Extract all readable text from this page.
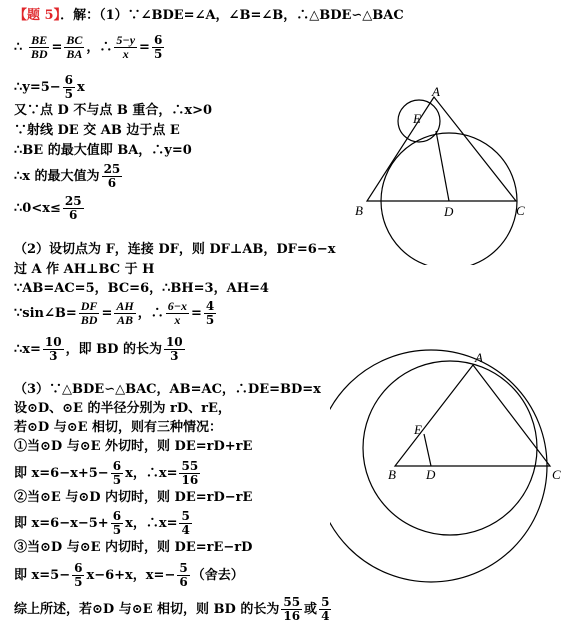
【题 5】．解：（1）∵∠BDE=∠A，∠B=∠B，∴△BDE∽△BAC
∴ $\frac{BE}{BD} = \frac{BC}{BA}$ ，∴ $\frac{5-y}{x} = \frac{6}{5}$
∴y=5− $\frac{6}{5}$ x
又∵点 D 不与点 B 重合，∴x>0
∵射线 DE 交 AB 边于点 E
∴BE 的最大值即 BA，∴y=0
∴x 的最大值为 $\frac{25}{6}$
∴0<x≤ $\frac{25}{6}$
（2）设切点为 F，连接 DF，则 DF⊥AB，DF=6−x
过 A 作 AH⊥BC 于 H
∵AB=AC=5，BC=6，∴BH=3，AH=4
∵sin∠B= $\frac{DF}{BD} = \frac{AH}{AB}$ ，∴ $\frac{6-x}{x} = \frac{4}{5}$
∴x= $\frac{10}{3}$ ，即 BD 的长为 $\frac{10}{3}$
（3）∵△BDE∽△BAC，AB=AC，∴DE=BD=x
设⊙D、⊙E 的半径分别为 rD、rE，
若⊙D 与⊙E 相切，则有三种情况：
①当⊙D 与⊙E 外切时，则 DE=rD+rE
即 $x=6-x+5- \frac{6}{5}$ x，∴x= $\frac{55}{16}$
②当⊙E 与⊙D 内切时，则 DE=rD−rE
即 $x=6-x-5+ \frac{6}{5}$ x，∴x= $\frac{5}{4}$
③当⊙D 与⊙E 内切时，则 DE=rE−rD
即 $x=5- \frac{6}{5} x-6+x$，$x=- \frac{5}{6}$ （舍去）
综上所述，若⊙D 与⊙E 相切，则 BD 的长为 $\frac{55}{16}$ 或 $\frac{5}{4}$
A
B	C
D
E
A
B	C
D
E
